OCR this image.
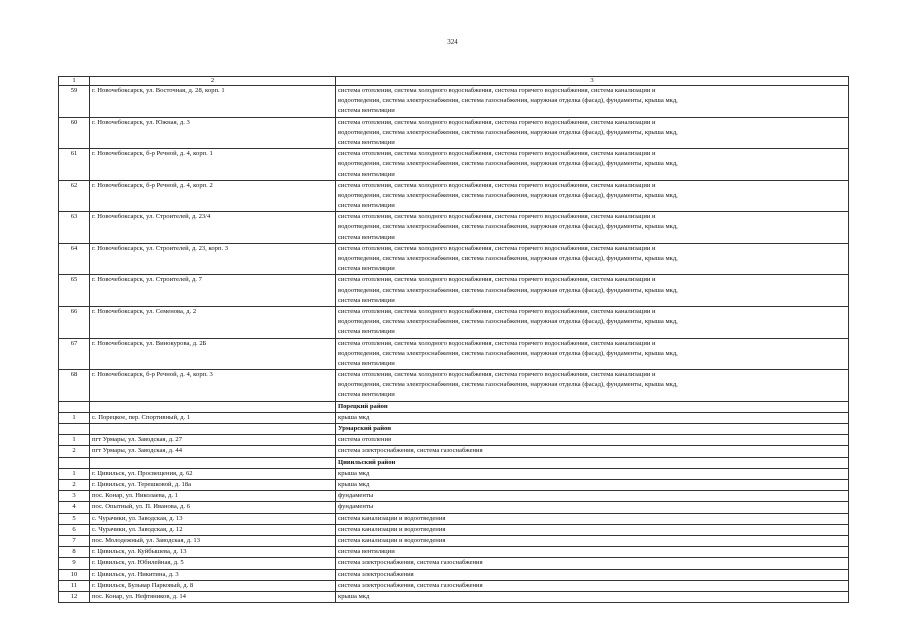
324
1	2	3
59	г. Новочебоксарск, ул. Восточная, д. 28, корп. 1	система отопления, система холодного водоснабжения, система горячего водоснабжения, система канализации и
водоотведения, система электроснабжения, система газоснабжения, наружная отделка (фасад), фундаменты, крыша мкд,
система вентиляции

60	г. Новочебоксарск, ул. Южная, д. 3	система отопления, система холодного водоснабжения, система горячего водоснабжения, система канализации и
водоотведения, система электроснабжения, система газоснабжения, наружная отделка (фасад), фундаменты, крыша мкд,
система вентиляции

61	г. Новочебоксарск, б-р Речной, д. 4, корп. 1	система отопления, система холодного водоснабжения, система горячего водоснабжения, система канализации и
водоотведения, система электроснабжения, система газоснабжения, наружная отделка (фасад), фундаменты, крыша мкд,
система вентиляции

62	г. Новочебоксарск, б-р Речной, д. 4, корп. 2	система отопления, система холодного водоснабжения, система горячего водоснабжения, система канализации и
водоотведения, система электроснабжения, система газоснабжения, наружная отделка (фасад), фундаменты, крыша мкд,
система вентиляции

63	г. Новочебоксарск, ул. Строителей, д. 23/4	система отопления, система холодного водоснабжения, система горячего водоснабжения, система канализации и
водоотведения, система электроснабжения, система газоснабжения, наружная отделка (фасад), фундаменты, крыша мкд,
система вентиляции

64	г. Новочебоксарск, ул. Строителей, д. 23, корп. 3	система отопления, система холодного водоснабжения, система горячего водоснабжения, система канализации и
водоотведения, система электроснабжения, система газоснабжения, наружная отделка (фасад), фундаменты, крыша мкд,
система вентиляции

65	г. Новочебоксарск, ул. Строителей, д. 7	система отопления, система холодного водоснабжения, система горячего водоснабжения, система канализации и
водоотведения, система электроснабжения, система газоснабжения, наружная отделка (фасад), фундаменты, крыша мкд,
система вентиляции

66	г. Новочебоксарск, ул. Семенова, д. 2	система отопления, система холодного водоснабжения, система горячего водоснабжения, система канализации и
водоотведения, система электроснабжения, система газоснабжения, наружная отделка (фасад), фундаменты, крыша мкд,
система вентиляции

67	г. Новочебоксарск, ул. Винокурова, д. 2Б	система отопления, система холодного водоснабжения, система горячего водоснабжения, система канализации и
водоотведения, система электроснабжения, система газоснабжения, наружная отделка (фасад), фундаменты, крыша мкд,
система вентиляции

68	г. Новочебоксарск, б-р Речной, д. 4, корп. 3	система отопления, система холодного водоснабжения, система горячего водоснабжения, система канализации и
водоотведения, система электроснабжения, система газоснабжения, наружная отделка (фасад), фундаменты, крыша мкд,
система вентиляции

		Порецкий район
1	с. Порецкое, пер. Спортивный, д. 1	крыша мкд

		Урмарский район
1	пгт Урмары, ул. Заводская, д. 27	система отопления

2	пгт Урмары, ул. Заводская, д. 44	система электроснабжения, система газоснабжения

		Цивильский район
1	г. Цивильск, ул. Просвещения, д. 62	крыша мкд

2	г. Цивильск, ул. Терешковой, д. 18а	крыша мкд

3	пос. Конар, ул. Николаева, д. 1	фундаменты

4	пос. Опытный, ул. П. Иванова, д. 6	фундаменты

5	с. Чурачики, ул. Заводская, д. 13	система канализации и водоотведения

6	с. Чурачики, ул. Заводская, д. 12	система канализации и водоотведения

7	пос. Молодежный, ул. Заводская, д. 13	система канализации и водоотведения

8	г. Цивильск, ул. Куйбышева, д. 13	система вентиляции

9	г. Цивильск, ул. Юбилейная, д. 5	система электроснабжения, система газоснабжения

10	г. Цивильск, ул. Никитина, д. 3	система электроснабжения

11	г. Цивильск, Бульвар Парковый, д. 8	система электроснабжения, система газоснабжения

12	пос. Конар, ул. Нефтяников, д. 14	крыша мкд
